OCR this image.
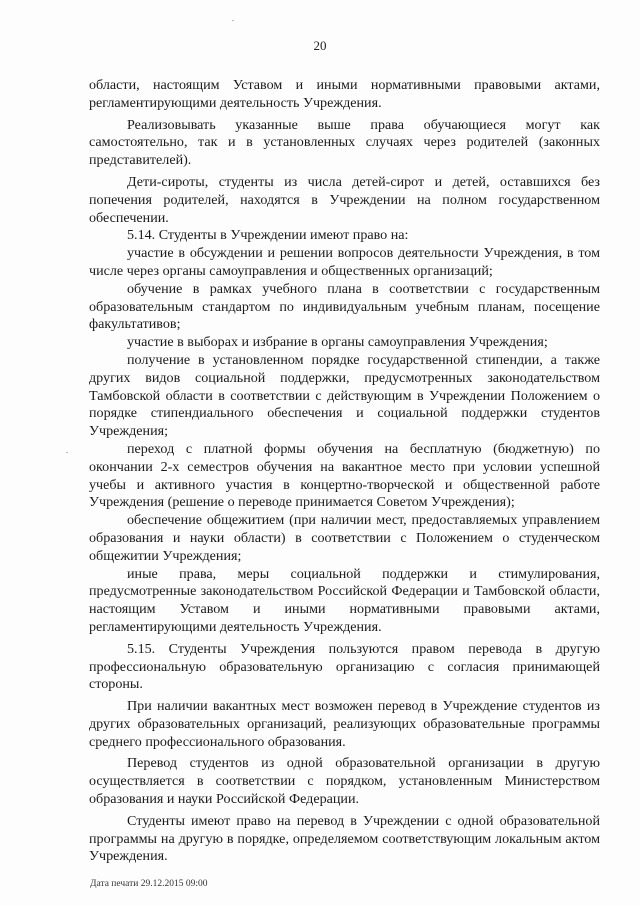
20

области, настоящим Уставом и иными нормативными правовыми актами, регламентирующими деятельность Учреждения.

Реализовывать указанные выше права обучающиеся могут как самостоятельно, так и в установленных случаях через родителей (законных представителей).

Дети-сироты, студенты из числа детей-сирот и детей, оставшихся без попечения родителей, находятся в Учреждении на полном государственном обеспечении.

5.14. Студенты в Учреждении имеют право на:

участие в обсуждении и решении вопросов деятельности Учреждения, в том числе через органы самоуправления и общественных организаций;

обучение в рамках учебного плана в соответствии с государственным образовательным стандартом по индивидуальным учебным планам, посещение факультативов;

участие в выборах и избрание в органы самоуправления Учреждения;

получение в установленном порядке государственной стипендии, а также других видов социальной поддержки, предусмотренных законодательством Тамбовской области в соответствии с действующим в Учреждении Положением о порядке стипендиального обеспечения и социальной поддержки студентов Учреждения;

переход с платной формы обучения на бесплатную (бюджетную) по окончании 2-х семестров обучения на вакантное место при условии успешной учебы и активного участия в концертно-творческой и общественной работе Учреждения (решение о переводе принимается Советом Учреждения);

обеспечение общежитием (при наличии мест, предоставляемых управлением образования и науки области) в соответствии с Положением о студенческом общежитии Учреждения;

иные права, меры социальной поддержки и стимулирования, предусмотренные законодательством Российской Федерации и Тамбовской области, настоящим Уставом и иными нормативными правовыми актами, регламентирующими деятельность Учреждения.

5.15. Студенты Учреждения пользуются правом перевода в другую профессиональную образовательную организацию с согласия принимающей стороны.

При наличии вакантных мест возможен перевод в Учреждение студентов из других образовательных организаций, реализующих образовательные программы среднего профессионального образования.

Перевод студентов из одной образовательной организации в другую осуществляется в соответствии с порядком, установленным Министерством образования и науки Российской Федерации.

Студенты имеют право на перевод в Учреждении с одной образовательной программы на другую в порядке, определяемом соответствующим локальным актом Учреждения.

Дата печати 29.12.2015 09:00
